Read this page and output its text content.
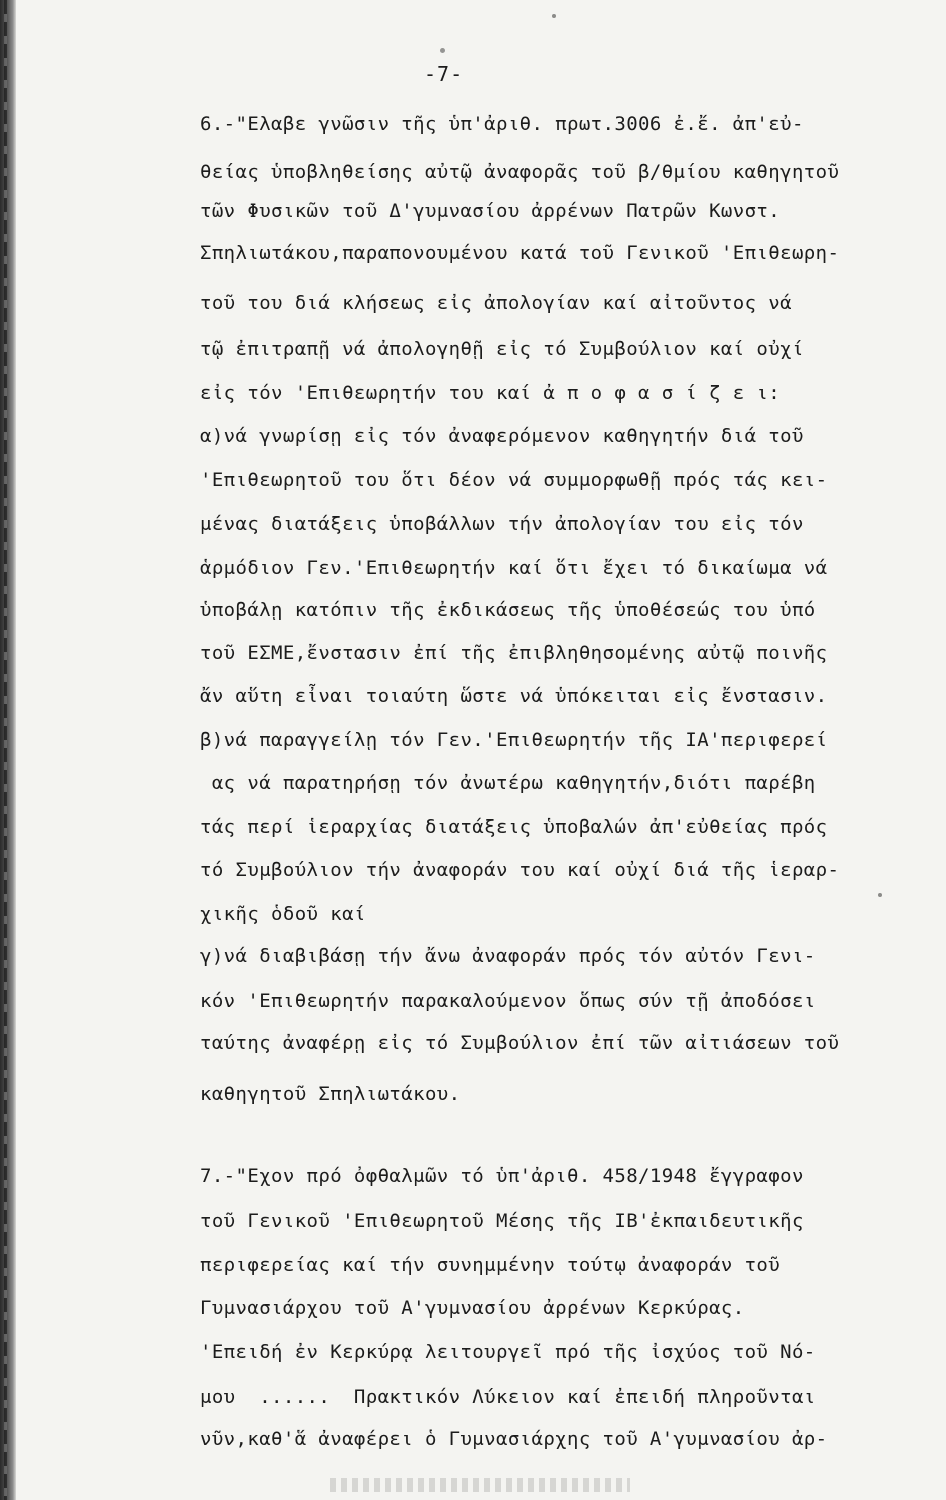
-7-
6.-"Ελαβε γνῶσιν τῆς ὑπ'ἀριθ. πρωτ.3006 ἐ.ἔ. ἀπ'εὐ-
θείας ὑποβληθείσης αὐτῷ ἀναφορᾶς τοῦ β/θμίου καθηγητοῦ
τῶν Φυσικῶν τοῦ Δ'γυμνασίου ἀρρένων Πατρῶν Κωνστ.
Σπηλιωτάκου,παραπονουμένου κατά τοῦ Γενικοῦ 'Επιθεωρη-
τοῦ του διά κλήσεως εἰς ἀπολογίαν καί αἰτοῦντος νά
τῷ ἐπιτραπῇ νά ἀπολογηθῇ εἰς τό Συμβούλιον καί οὐχί
εἰς τόν 'Επιθεωρητήν του καί ἀ π ο φ α σ ί ζ ε ι:
α)νά γνωρίσῃ εἰς τόν ἀναφερόμενον καθηγητήν διά τοῦ
'Επιθεωρητοῦ του ὅτι δέον νά συμμορφωθῇ πρός τάς κει-
μένας διατάξεις ὑποβάλλων τήν ἀπολογίαν του εἰς τόν
ἁρμόδιον Γεν.'Επιθεωρητήν καί ὅτι ἔχει τό δικαίωμα νά
ὑποβάλῃ κατόπιν τῆς ἐκδικάσεως τῆς ὑποθέσεώς του ὑπό
τοῦ ΕΣΜΕ,ἔνστασιν ἐπί τῆς ἐπιβληθησομένης αὐτῷ ποινῆς
ἄν αὕτη εἶναι τοιαύτη ὥστε νά ὑπόκειται εἰς ἔνστασιν.
β)νά παραγγείλῃ τόν Γεν.'Επιθεωρητήν τῆς ΙΑ'περιφερεί
ας νά παρατηρήσῃ τόν ἀνωτέρω καθηγητήν,διότι παρέβη
τάς περί ἱεραρχίας διατάξεις ὑποβαλών ἀπ'εὐθείας πρός
τό Συμβούλιον τήν ἀναφοράν του καί οὐχί διά τῆς ἱεραρ-
χικῆς ὁδοῦ καί
γ)νά διαβιβάσῃ τήν ἄνω ἀναφοράν πρός τόν αὐτόν Γενι-
κόν 'Επιθεωρητήν παρακαλούμενον ὅπως σύν τῇ ἀποδόσει
ταύτης ἀναφέρῃ εἰς τό Συμβούλιον ἐπί τῶν αἰτιάσεων τοῦ
καθηγητοῦ Σπηλιωτάκου.
7.-"Εχον πρό ὀφθαλμῶν τό ὑπ'ἀριθ. 458/1948 ἔγγραφον
τοῦ Γενικοῦ 'Επιθεωρητοῦ Μέσης τῆς ΙΒ'ἐκπαιδευτικῆς
περιφερείας καί τήν συνημμένην τούτῳ ἀναφοράν τοῦ
Γυμνασιάρχου τοῦ Α'γυμνασίου ἀρρένων Κερκύρας.
'Επειδή ἐν Κερκύρᾳ λειτουργεῖ πρό τῆς ἰσχύος τοῦ Νό-
μου  ......  Πρακτικόν Λύκειον καί ἐπειδή πληροῦνται
νῦν,καθ'ἅ ἀναφέρει ὁ Γυμνασιάρχης τοῦ Α'γυμνασίου ἀρ-
